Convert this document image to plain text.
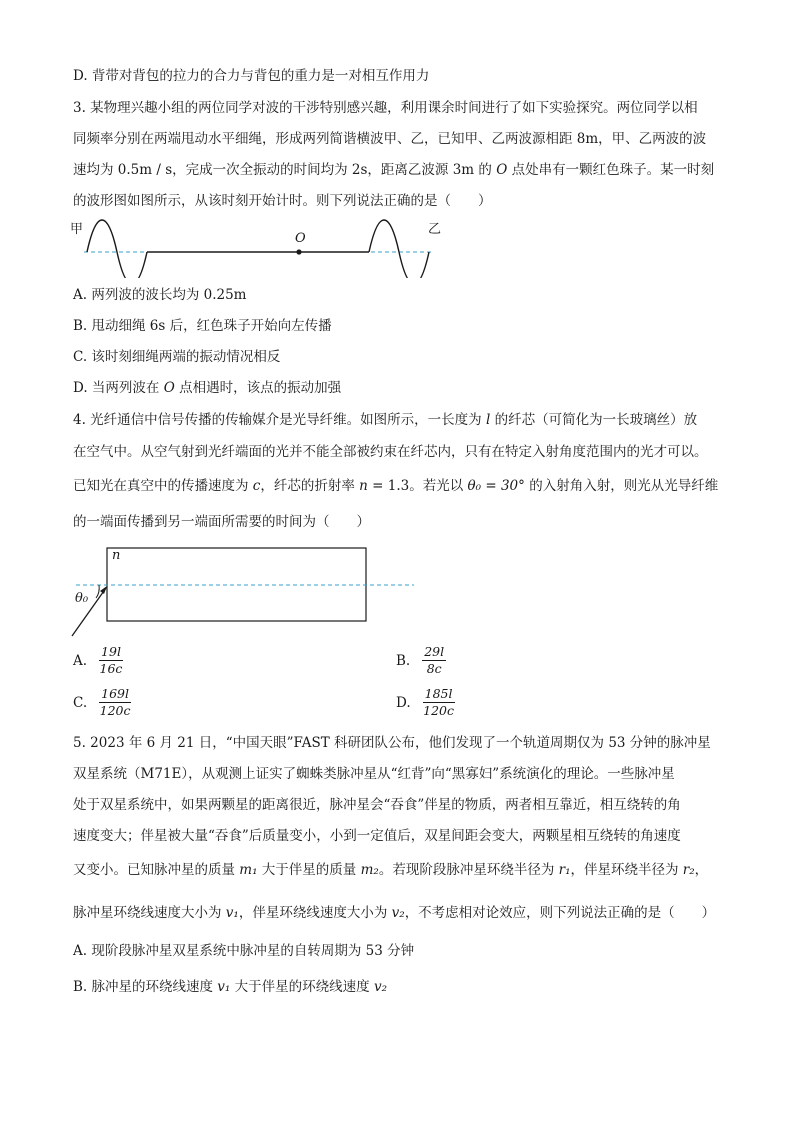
D. 背带对背包的拉力的合力与背包的重力是一对相互作用力
3. 某物理兴趣小组的两位同学对波的干涉特别感兴趣，利用课余时间进行了如下实验探究。两位同学以相
同频率分别在两端甩动水平细绳，形成两列简谐横波甲、乙，已知甲、乙两波源相距 8m，甲、乙两波的波
速均为 0.5m / s，完成一次全振动的时间均为 2s，距离乙波源 3m 的 O 点处串有一颗红色珠子。某一时刻
的波形图如图所示，从该时刻开始计时。则下列说法正确的是（　　）
甲
O
乙
A. 两列波的波长均为 0.25m
B. 甩动细绳 6s 后，红色珠子开始向左传播
C. 该时刻细绳两端的振动情况相反
D. 当两列波在 O 点相遇时，该点的振动加强
4. 光纤通信中信号传播的传输媒介是光导纤维。如图所示，一长度为 l 的纤芯（可简化为一长玻璃丝）放
在空气中。从空气射到光纤端面的光并不能全部被约束在纤芯内，只有在特定入射角度范围内的光才可以。
已知光在真空中的传播速度为 c，纤芯的折射率 n = 1.3。若光以 θ₀ = 30° 的入射角入射，则光从光导纤维
的一端面传播到另一端面所需要的时间为（　　）
n
θ₀
A. $\frac{19l}{16c}$	B. $\frac{29l}{8c}$
C. $\frac{169l}{120c}$	D. $\frac{185l}{120c}$
5. 2023 年 6 月 21 日，“中国天眼”FAST 科研团队公布，他们发现了一个轨道周期仅为 53 分钟的脉冲星
双星系统（M71E），从观测上证实了蜘蛛类脉冲星从“红背”向“黑寡妇”系统演化的理论。一些脉冲星
处于双星系统中，如果两颗星的距离很近，脉冲星会“吞食”伴星的物质，两者相互靠近，相互绕转的角
速度变大；伴星被大量“吞食”后质量变小，小到一定值后，双星间距会变大，两颗星相互绕转的角速度
又变小。已知脉冲星的质量 m₁ 大于伴星的质量 m₂。若现阶段脉冲星环绕半径为 r₁，伴星环绕半径为 r₂，
脉冲星环绕线速度大小为 v₁，伴星环绕线速度大小为 v₂，不考虑相对论效应，则下列说法正确的是（　　）
A. 现阶段脉冲星双星系统中脉冲星的自转周期为 53 分钟
B. 脉冲星的环绕线速度 v₁ 大于伴星的环绕线速度 v₂
